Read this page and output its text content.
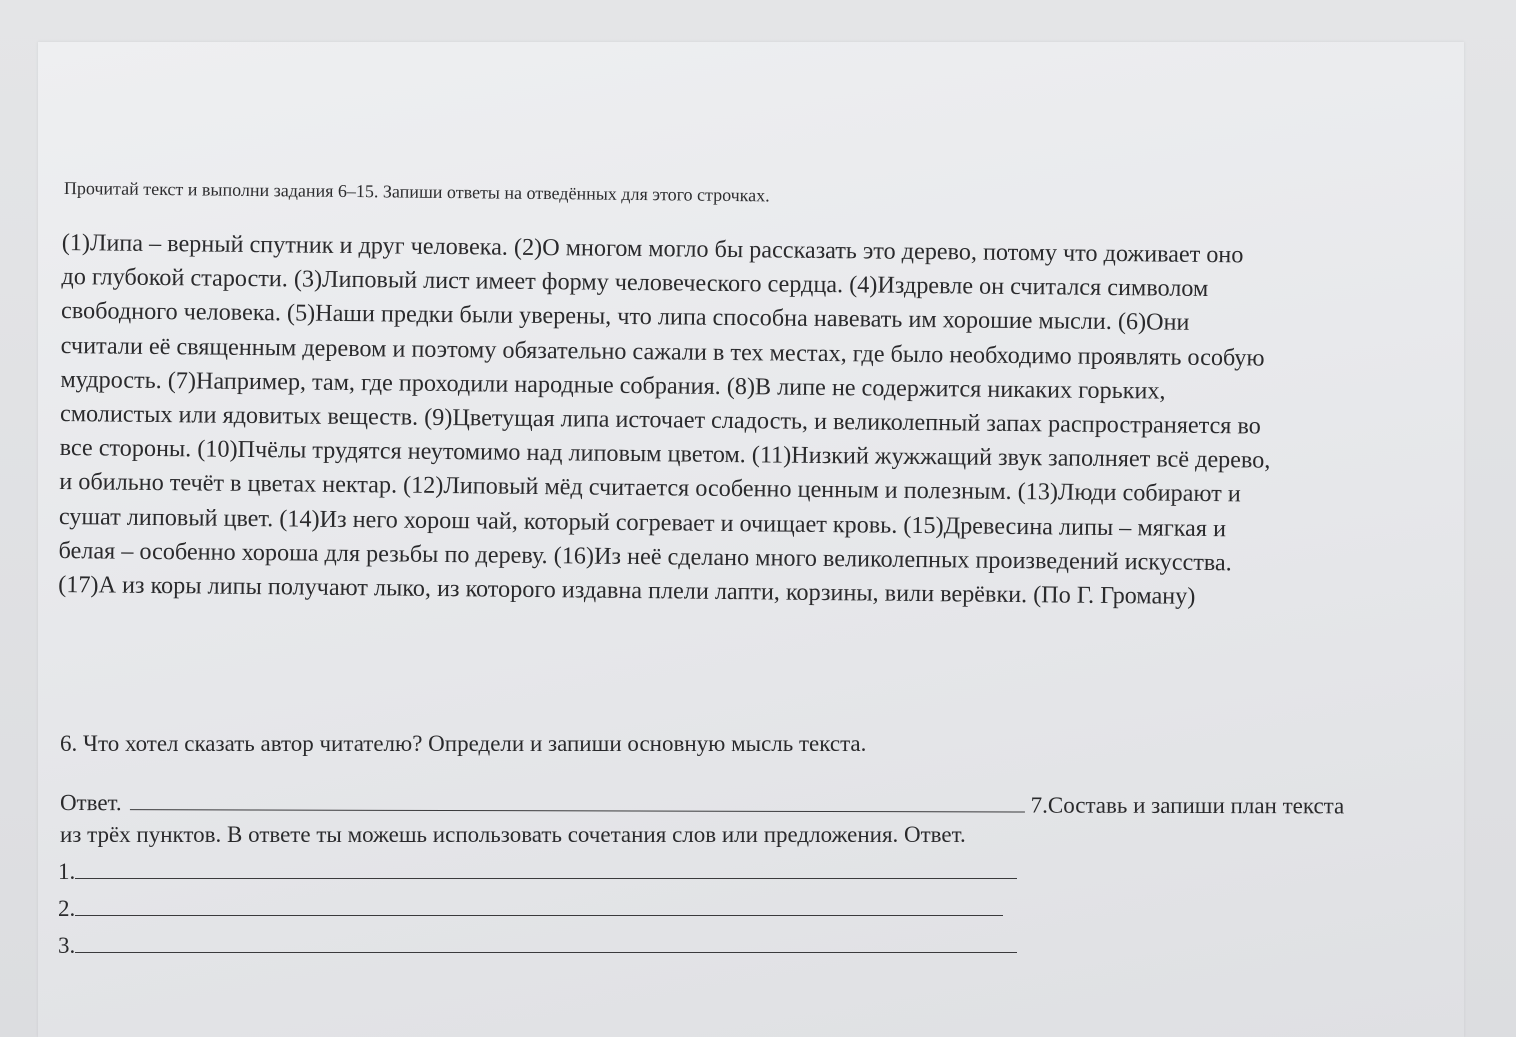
Прочитай текст и выполни задания 6–15. Запиши ответы на отведённых для этого строчках.
(1)Липа – верный спутник и друг человека. (2)О многом могло бы рассказать это дерево, потому что доживает оно
до глубокой старости. (3)Липовый лист имеет форму человеческого сердца. (4)Издревле он считался символом
свободного человека. (5)Наши предки были уверены, что липа способна навевать им хорошие мысли. (6)Они
считали её священным деревом и поэтому обязательно сажали в тех местах, где было необходимо проявлять особую
мудрость. (7)Например, там, где проходили народные собрания. (8)В липе не содержится никаких горьких,
смолистых или ядовитых веществ. (9)Цветущая липа источает сладость, и великолепный запах распространяется во
все стороны. (10)Пчёлы трудятся неутомимо над липовым цветом. (11)Низкий жужжащий звук заполняет всё дерево,
и обильно течёт в цветах нектар. (12)Липовый мёд считается особенно ценным и полезным. (13)Люди собирают и
сушат липовый цвет. (14)Из него хорош чай, который согревает и очищает кровь. (15)Древесина липы – мягкая и
белая – особенно хороша для резьбы по дереву. (16)Из неё сделано много великолепных произведений искусства.
(17)А из коры липы получают лыко, из которого издавна плели лапти, корзины, вили верёвки. (По Г. Громану)
6. Что хотел сказать автор читателю? Определи и запиши основную мысль текста.
Ответ.	7.Составь и запиши план текста
из трёх пунктов. В ответе ты можешь использовать сочетания слов или предложения. Ответ.
1.
2.
3.
